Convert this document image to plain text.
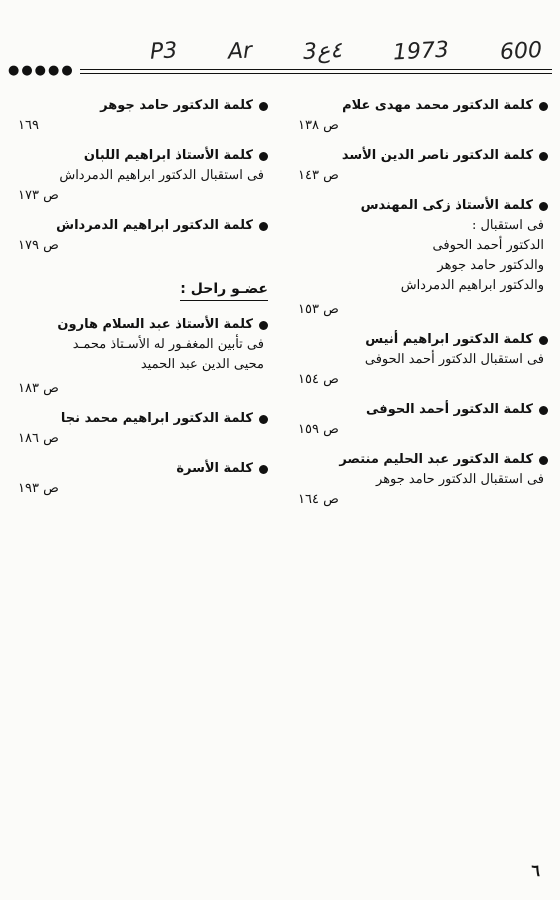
P3 Ar 3٤ع 1973 600
●●●●●
كلمة الدكتور محمد مهدى علام
ص ١٣٨
كلمة الدكتور ناصر الدين الأسد
ص ١٤٣
كلمة الأستاذ زكى المهندس
فى استقبال :
الدكتور أحمد الحوفى
والدكتور حامد جوهر
والدكتور ابراهيم الدمرداش
ص ١٥٣
كلمة الدكتور ابراهيم أنيس
فى استقبال الدكتور أحمد الحوفى
ص ١٥٤
كلمة الدكتور أحمد الحوفى
ص ١٥٩
كلمة الدكتور عبد الحليم منتصر
فى استقبال الدكتور حامد جوهر
ص ١٦٤
كلمة الدكتور حامد جوهر
١٦٩
كلمة الأستاذ ابراهيم اللبان
فى استقبال الدكتور ابراهيم الدمرداش
ص ١٧٣
كلمة الدكتور ابراهيم الدمرداش
ص ١٧٩
عضـو راحل :
كلمة الأستاذ عبد السلام هارون
فى تأبين المغفـور له الأسـتاذ محمـد
محيى الدين عبد الحميد
ص ١٨٣
كلمة الدكتور ابراهيم محمد نجا
ص ١٨٦
كلمة الأسرة
ص ١٩٣
٦
